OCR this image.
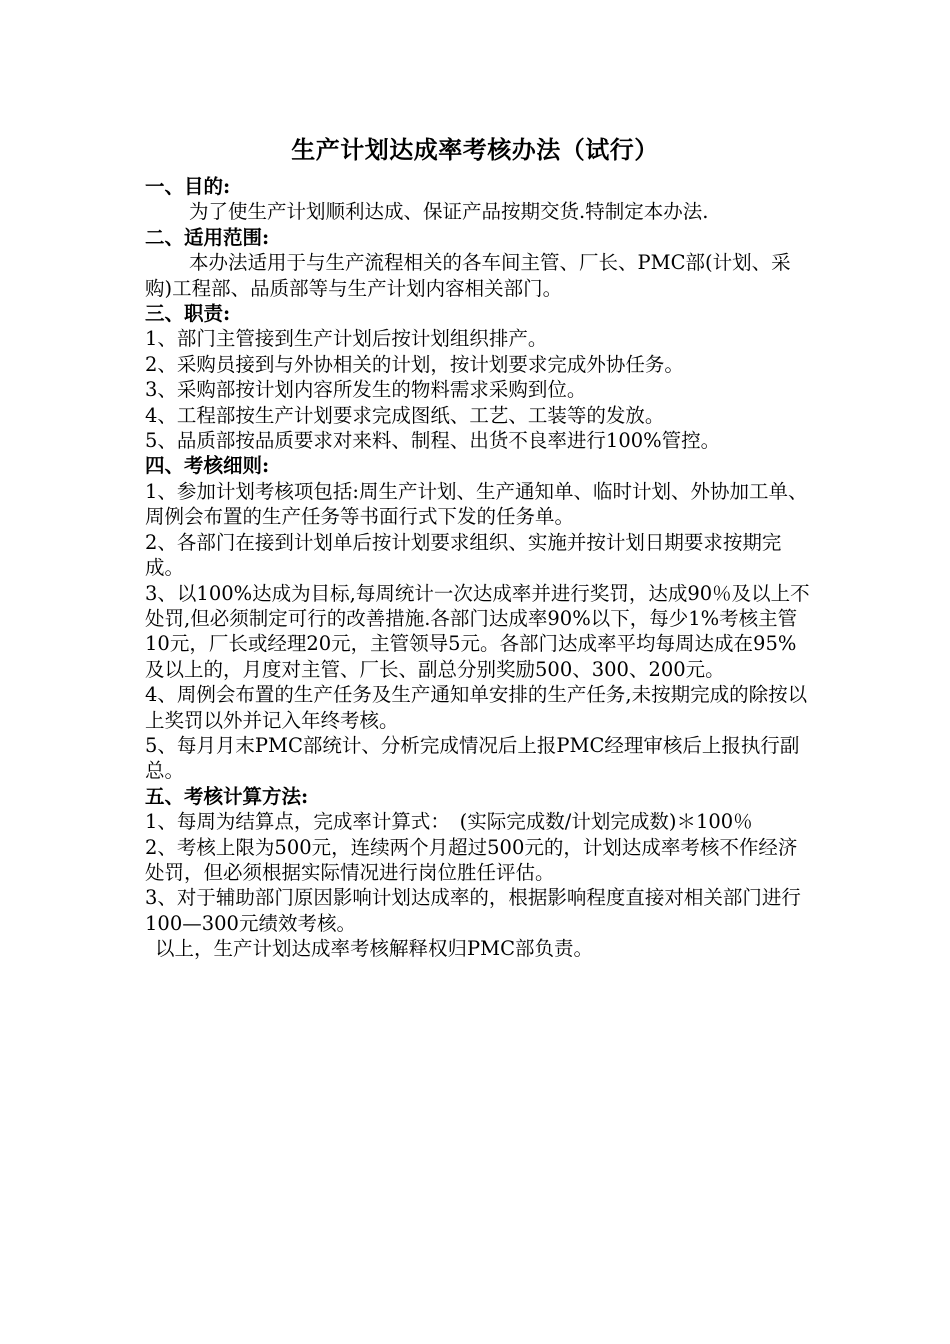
生产计划达成率考核办法（试行）

一、目的:

为了使生产计划顺利达成、保证产品按期交货.特制定本办法.

二、适用范围:

本办法适用于与生产流程相关的各车间主管、厂长、PMC部(计划、采购)工程部、品质部等与生产计划内容相关部门。

三、职责:

1、部门主管接到生产计划后按计划组织排产。

2、采购员接到与外协相关的计划，按计划要求完成外协任务。

3、采购部按计划内容所发生的物料需求采购到位。

4、工程部按生产计划要求完成图纸、工艺、工装等的发放。

5、品质部按品质要求对来料、制程、出货不良率进行100%管控。

四、考核细则:

1、参加计划考核项包括:周生产计划、生产通知单、临时计划、外协加工单、周例会布置的生产任务等书面行式下发的任务单。

2、各部门在接到计划单后按计划要求组织、实施并按计划日期要求按期完成。

3、以100%达成为目标,每周统计一次达成率并进行奖罚，达成90％及以上不处罚,但必须制定可行的改善措施.各部门达成率90%以下，每少1%考核主管10元，厂长或经理20元，主管领导5元。各部门达成率平均每周达成在95%及以上的，月度对主管、厂长、副总分别奖励500、300、200元。

4、周例会布置的生产任务及生产通知单安排的生产任务,未按期完成的除按以上奖罚以外并记入年终考核。

5、每月月末PMC部统计、分析完成情况后上报PMC经理审核后上报执行副总。

五、考核计算方法:

1、每周为结算点，完成率计算式：　(实际完成数/计划完成数)＊100％

2、考核上限为500元，连续两个月超过500元的，计划达成率考核不作经济处罚，但必须根据实际情况进行岗位胜任评估。

3、对于辅助部门原因影响计划达成率的，根据影响程度直接对相关部门进行100—300元绩效考核。

以上，生产计划达成率考核解释权归PMC部负责。
